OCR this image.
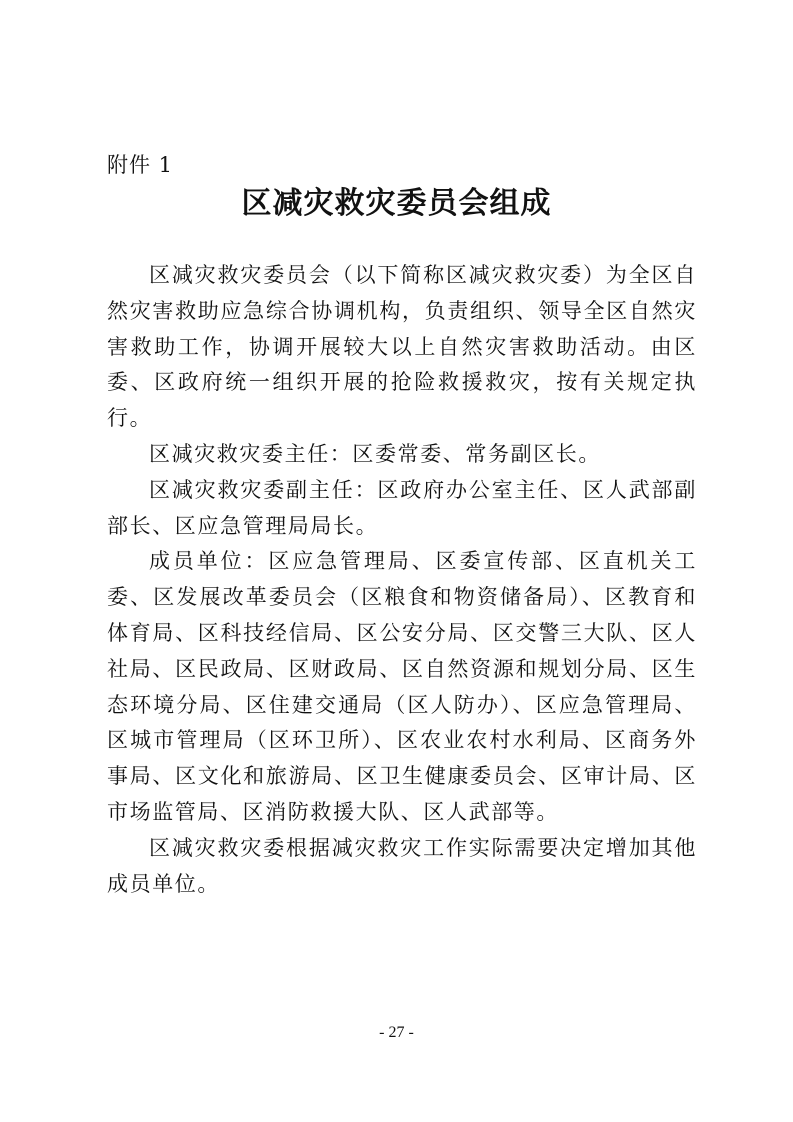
附件 1
区减灾救灾委员会组成

区减灾救灾委员会（以下简称区减灾救灾委）为全区自然灾害救助应急综合协调机构，负责组织、领导全区自然灾害救助工作，协调开展较大以上自然灾害救助活动。由区委、区政府统一组织开展的抢险救援救灾，按有关规定执行。

区减灾救灾委主任：区委常委、常务副区长。

区减灾救灾委副主任：区政府办公室主任、区人武部副部长、区应急管理局局长。

成员单位：区应急管理局、区委宣传部、区直机关工委、区发展改革委员会（区粮食和物资储备局）、区教育和体育局、区科技经信局、区公安分局、区交警三大队、区人社局、区民政局、区财政局、区自然资源和规划分局、区生态环境分局、区住建交通局（区人防办）、区应急管理局、区城市管理局（区环卫所）、区农业农村水利局、区商务外事局、区文化和旅游局、区卫生健康委员会、区审计局、区市场监管局、区消防救援大队、区人武部等。

区减灾救灾委根据减灾救灾工作实际需要决定增加其他成员单位。

- 27 -
